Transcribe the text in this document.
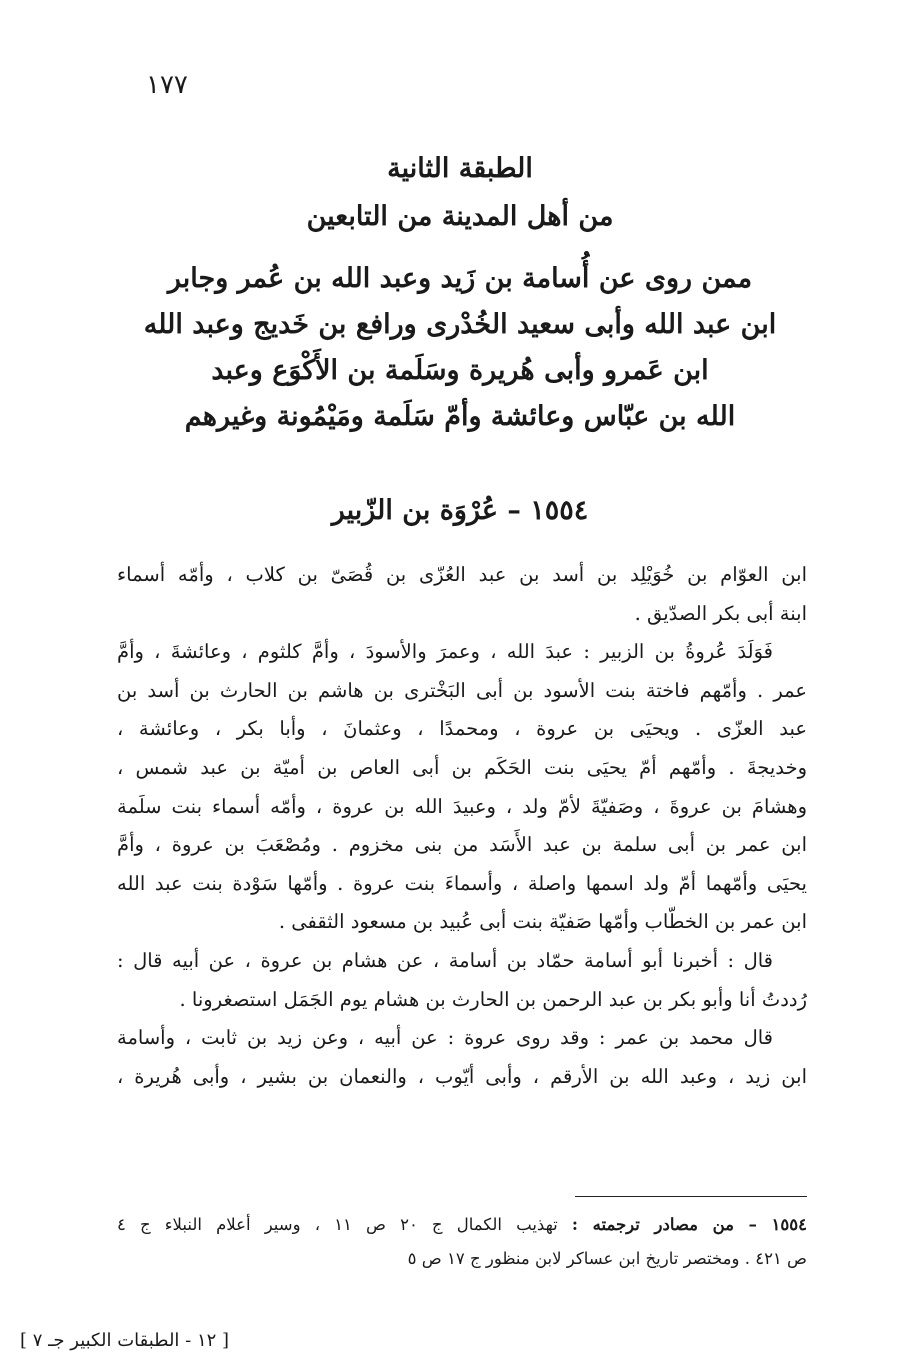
١٧٧
الطبقة الثانية
من أهل المدينة من التابعين
ممن روى عن أُسامة بن زَيد وعبد الله بن عُمر وجابر
ابن عبد الله وأبى سعيد الخُدْرى ورافع بن خَديج وعبد الله
ابن عَمرو وأبى هُريرة وسَلَمة بن الأَكْوَع وعبد
الله بن عبّاس وعائشة وأمّ سَلَمة ومَيْمُونة وغيرهم
١٥٥٤ – عُرْوَة بن الزّبير
ابن العوّام بن خُوَيْلِد بن أسد بن عبد العُزّى بن قُصَىّ بن كلاب ، وأمّه أسماء
ابنة أبى بكر الصدّيق .
فَوَلَدَ عُروةُ بن الزبير : عبدَ الله ، وعمرَ والأسودَ ، وأمَّ كلثوم ، وعائشةَ ، وأمَّ
عمر . وأمّهم فاختة بنت الأسود بن أبى البَخْترى بن هاشم بن الحارث بن أسد بن
عبد العزّى . ويحيَى بن عروة ، ومحمدًا ، وعثمانَ ، وأبا بكر ، وعائشة ،
وخديجةَ . وأمّهم أمّ يحيَى بنت الحَكَم بن أبى العاص بن أميّة بن عبد شمس ،
وهشامَ بن عروةَ ، وصَفيّةَ لأمّ ولد ، وعبيدَ الله بن عروة ، وأمّه أسماء بنت سلَمة
ابن عمر بن أبى سلمة بن عبد الأَسَد من بنى مخزوم . ومُصْعَبَ بن عروة ، وأمَّ
يحيَى وأمّهما أمّ ولد اسمها واصلة ، وأسماءَ بنت عروة . وأمّها سَوْدة بنت عبد الله
ابن عمر بن الخطّاب وأمّها صَفيّة بنت أبى عُبيد بن مسعود الثقفى .
قال : أخبرنا أبو أسامة حمّاد بن أسامة ، عن هشام بن عروة ، عن أبيه قال :
رُددتُ أنا وأبو بكر بن عبد الرحمن بن الحارث بن هشام يوم الجَمَل استصغرونا .
قال محمد بن عمر : وقد روى عروة : عن أبيه ، وعن زيد بن ثابت ، وأسامة
ابن زيد ، وعبد الله بن الأرقم ، وأبى أيّوب ، والنعمان بن بشير ، وأبى هُريرة ،
١٥٥٤ – من مصادر ترجمته : تهذيب الكمال ج ٢٠ ص ١١ ، وسير أعلام النبلاء ج ٤
ص ٤٢١ . ومختصر تاريخ ابن عساكر لابن منظور ج ١٧ ص ٥
[ ١٢ - الطبقات الكبير جـ ٧ ]
